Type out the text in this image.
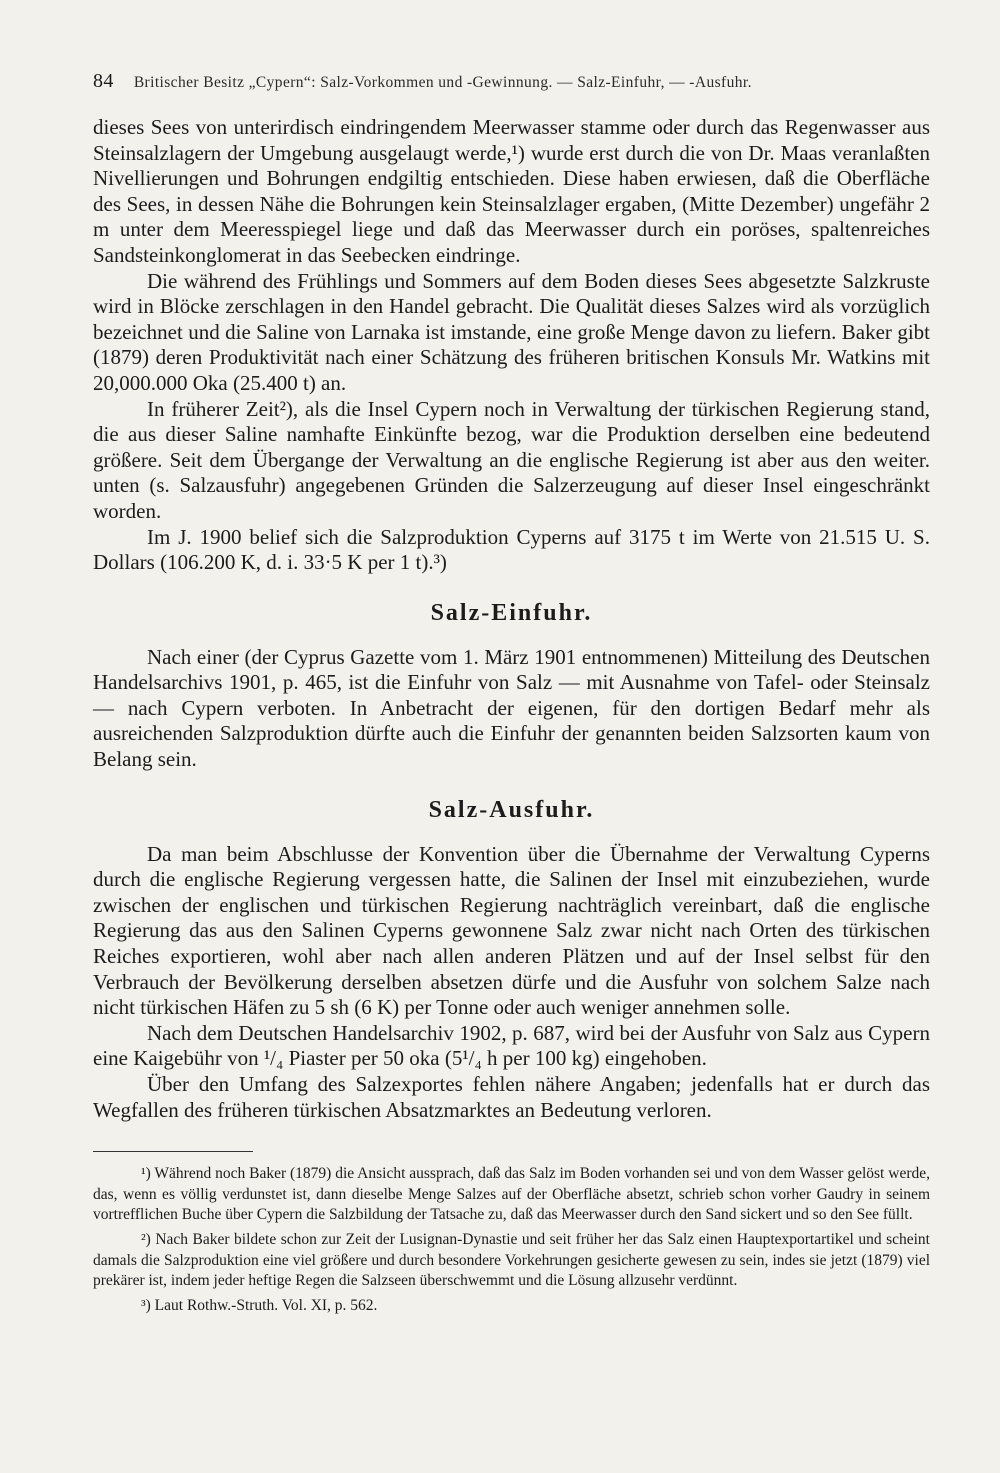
84 Britischer Besitz „Cypern“: Salz-Vorkommen und -Gewinnung. — Salz-Einfuhr, — -Ausfuhr.

dieses Sees von unterirdisch eindringendem Meerwasser stamme oder durch das Regenwasser aus Steinsalzlagern der Umgebung ausgelaugt werde,¹) wurde erst durch die von Dr. Maas veranlaßten Nivellierungen und Bohrungen endgiltig entschieden. Diese haben erwiesen, daß die Oberfläche des Sees, in dessen Nähe die Bohrungen kein Steinsalzlager ergaben, (Mitte Dezember) ungefähr 2 m unter dem Meeresspiegel liege und daß das Meerwasser durch ein poröses, spaltenreiches Sandsteinkonglomerat in das Seebecken eindringe.

Die während des Frühlings und Sommers auf dem Boden dieses Sees abgesetzte Salzkruste wird in Blöcke zerschlagen in den Handel gebracht. Die Qualität dieses Salzes wird als vorzüglich bezeichnet und die Saline von Larnaka ist imstande, eine große Menge davon zu liefern. Baker gibt (1879) deren Produktivität nach einer Schätzung des früheren britischen Konsuls Mr. Watkins mit 20,000.000 Oka (25.400 t) an.

In früherer Zeit²), als die Insel Cypern noch in Verwaltung der türkischen Regierung stand, die aus dieser Saline namhafte Einkünfte bezog, war die Produktion derselben eine bedeutend größere. Seit dem Übergange der Verwaltung an die englische Regierung ist aber aus den weiter. unten (s. Salzausfuhr) angegebenen Gründen die Salzerzeugung auf dieser Insel eingeschränkt worden.

Im J. 1900 belief sich die Salzproduktion Cyperns auf 3175 t im Werte von 21.515 U. S. Dollars (106.200 K, d. i. 33·5 K per 1 t).³)

Salz-Einfuhr.

Nach einer (der Cyprus Gazette vom 1. März 1901 entnommenen) Mitteilung des Deutschen Handelsarchivs 1901, p. 465, ist die Einfuhr von Salz — mit Ausnahme von Tafel- oder Steinsalz — nach Cypern verboten. In Anbetracht der eigenen, für den dortigen Bedarf mehr als ausreichenden Salzproduktion dürfte auch die Einfuhr der genannten beiden Salzsorten kaum von Belang sein.

Salz-Ausfuhr.

Da man beim Abschlusse der Konvention über die Übernahme der Verwaltung Cyperns durch die englische Regierung vergessen hatte, die Salinen der Insel mit einzubeziehen, wurde zwischen der englischen und türkischen Regierung nachträglich vereinbart, daß die englische Regierung das aus den Salinen Cyperns gewonnene Salz zwar nicht nach Orten des türkischen Reiches exportieren, wohl aber nach allen anderen Plätzen und auf der Insel selbst für den Verbrauch der Bevölkerung derselben absetzen dürfe und die Ausfuhr von solchem Salze nach nicht türkischen Häfen zu 5 sh (6 K) per Tonne oder auch weniger annehmen solle.

Nach dem Deutschen Handelsarchiv 1902, p. 687, wird bei der Ausfuhr von Salz aus Cypern eine Kaigebühr von ¹/₄ Piaster per 50 oka (5¹/₄ h per 100 kg) eingehoben.

Über den Umfang des Salzexportes fehlen nähere Angaben; jedenfalls hat er durch das Wegfallen des früheren türkischen Absatzmarktes an Bedeutung verloren.

¹) Während noch Baker (1879) die Ansicht aussprach, daß das Salz im Boden vorhanden sei und von dem Wasser gelöst werde, das, wenn es völlig verdunstet ist, dann dieselbe Menge Salzes auf der Oberfläche absetzt, schrieb schon vorher Gaudry in seinem vortrefflichen Buche über Cypern die Salzbildung der Tatsache zu, daß das Meerwasser durch den Sand sickert und so den See füllt.

²) Nach Baker bildete schon zur Zeit der Lusignan-Dynastie und seit früher her das Salz einen Hauptexportartikel und scheint damals die Salzproduktion eine viel größere und durch besondere Vorkehrungen gesicherte gewesen zu sein, indes sie jetzt (1879) viel prekärer ist, indem jeder heftige Regen die Salzseen überschwemmt und die Lösung allzusehr verdünnt.

³) Laut Rothw.-Struth. Vol. XI, p. 562.
